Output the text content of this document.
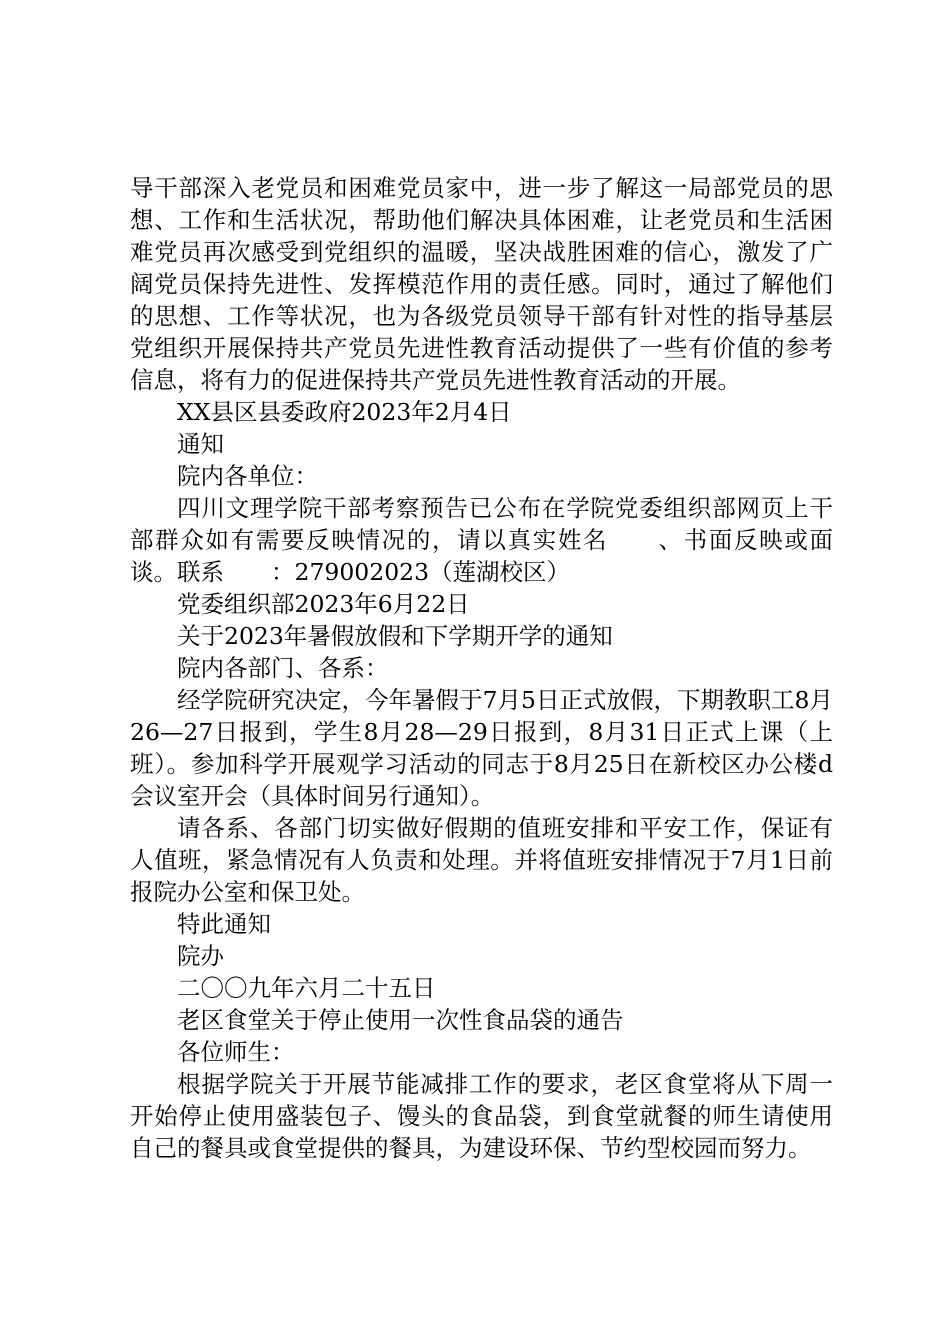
导干部深入老党员和困难党员家中，进一步了解这一局部党员的思想、工作和生活状况，帮助他们解决具体困难，让老党员和生活困难党员再次感受到党组织的温暖，坚决战胜困难的信心，激发了广阔党员保持先进性、发挥模范作用的责任感。同时，通过了解他们的思想、工作等状况，也为各级党员领导干部有针对性的指导基层党组织开展保持共产党员先进性教育活动提供了一些有价值的参考信息，将有力的促进保持共产党员先进性教育活动的开展。

XX县区县委政府2023年2月4日

通知

院内各单位：

四川文理学院干部考察预告已公布在学院党委组织部网页上干部群众如有需要反映情况的，请以真实姓名　　、书面反映或面谈。联系　　：279002023（莲湖校区）

党委组织部2023年6月22日

关于2023年暑假放假和下学期开学的通知

院内各部门、各系：

经学院研究决定，今年暑假于7月5日正式放假，下期教职工8月26—27日报到，学生8月28—29日报到，8月31日正式上课（上班）。参加科学开展观学习活动的同志于8月25日在新校区办公楼d会议室开会（具体时间另行通知）。

请各系、各部门切实做好假期的值班安排和平安工作，保证有人值班，紧急情况有人负责和处理。并将值班安排情况于7月1日前报院办公室和保卫处。

特此通知

院办

二〇〇九年六月二十五日

老区食堂关于停止使用一次性食品袋的通告

各位师生：

根据学院关于开展节能减排工作的要求，老区食堂将从下周一开始停止使用盛装包子、馒头的食品袋，到食堂就餐的师生请使用自己的餐具或食堂提供的餐具，为建设环保、节约型校园而努力。
